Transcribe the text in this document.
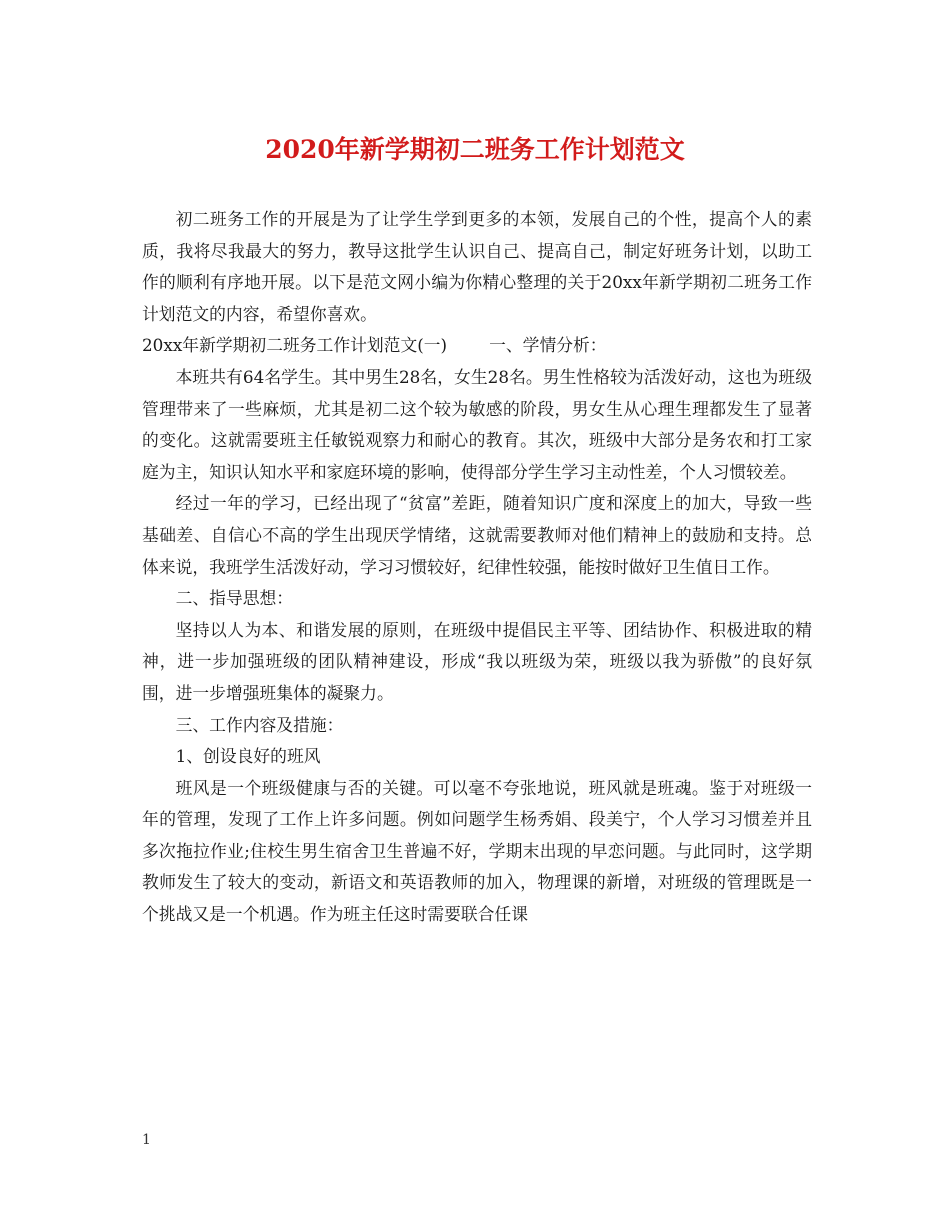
2020年新学期初二班务工作计划范文

初二班务工作的开展是为了让学生学到更多的本领，发展自己的个性，提高个人的素质，我将尽我最大的努力，教导这批学生认识自己、提高自己，制定好班务计划，以助工作的顺利有序地开展。以下是范文网小编为你精心整理的关于20xx年新学期初二班务工作计划范文的内容，希望你喜欢。

20xx年新学期初二班务工作计划范文(一)	一、学情分析：

本班共有64名学生。其中男生28名，女生28名。男生性格较为活泼好动，这也为班级管理带来了一些麻烦，尤其是初二这个较为敏感的阶段，男女生从心理生理都发生了显著的变化。这就需要班主任敏锐观察力和耐心的教育。其次，班级中大部分是务农和打工家庭为主，知识认知水平和家庭环境的影响，使得部分学生学习主动性差，个人习惯较差。

经过一年的学习，已经出现了“贫富”差距，随着知识广度和深度上的加大，导致一些基础差、自信心不高的学生出现厌学情绪，这就需要教师对他们精神上的鼓励和支持。总体来说，我班学生活泼好动，学习习惯较好，纪律性较强，能按时做好卫生值日工作。

二、指导思想：

坚持以人为本、和谐发展的原则，在班级中提倡民主平等、团结协作、积极进取的精神，进一步加强班级的团队精神建设，形成“我以班级为荣，班级以我为骄傲”的良好氛围，进一步增强班集体的凝聚力。

三、工作内容及措施：

1、创设良好的班风

班风是一个班级健康与否的关键。可以毫不夸张地说，班风就是班魂。鉴于对班级一年的管理，发现了工作上许多问题。例如问题学生杨秀娟、段美宁，个人学习习惯差并且多次拖拉作业;住校生男生宿舍卫生普遍不好，学期末出现的早恋问题。与此同时，这学期教师发生了较大的变动，新语文和英语教师的加入，物理课的新增，对班级的管理既是一个挑战又是一个机遇。作为班主任这时需要联合任课

1
